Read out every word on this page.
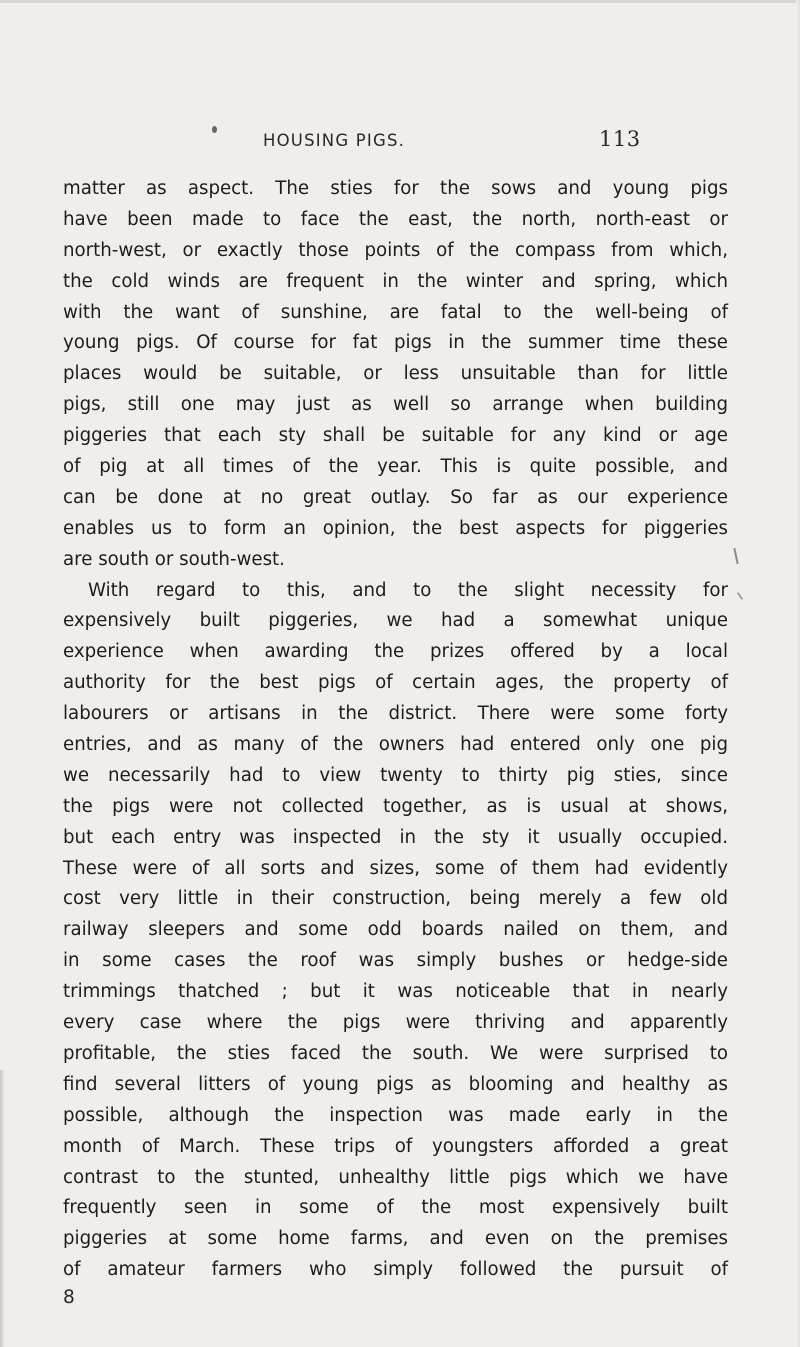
HOUSING PIGS.	113
matter as aspect. The sties for the sows and young pigs
have been made to face the east, the north, north-east or
north-west, or exactly those points of the compass from which,
the cold winds are frequent in the winter and spring, which
with the want of sunshine, are fatal to the well-being of
young pigs. Of course for fat pigs in the summer time these
places would be suitable, or less unsuitable than for little
pigs, still one may just as well so arrange when building
piggeries that each sty shall be suitable for any kind or age
of pig at all times of the year. This is quite possible, and
can be done at no great outlay. So far as our experience
enables us to form an opinion, the best aspects for piggeries
are south or south-west.
With regard to this, and to the slight necessity for
expensively built piggeries, we had a somewhat unique
experience when awarding the prizes offered by a local
authority for the best pigs of certain ages, the property of
labourers or artisans in the district. There were some forty
entries, and as many of the owners had entered only one pig
we necessarily had to view twenty to thirty pig sties, since
the pigs were not collected together, as is usual at shows,
but each entry was inspected in the sty it usually occupied.
These were of all sorts and sizes, some of them had evidently
cost very little in their construction, being merely a few old
railway sleepers and some odd boards nailed on them, and
in some cases the roof was simply bushes or hedge-side
trimmings thatched ; but it was noticeable that in nearly
every case where the pigs were thriving and apparently
profitable, the sties faced the south. We were surprised to
find several litters of young pigs as blooming and healthy as
possible, although the inspection was made early in the
month of March. These trips of youngsters afforded a great
contrast to the stunted, unhealthy little pigs which we have
frequently seen in some of the most expensively built
piggeries at some home farms, and even on the premises
of amateur farmers who simply followed the pursuit of
8
